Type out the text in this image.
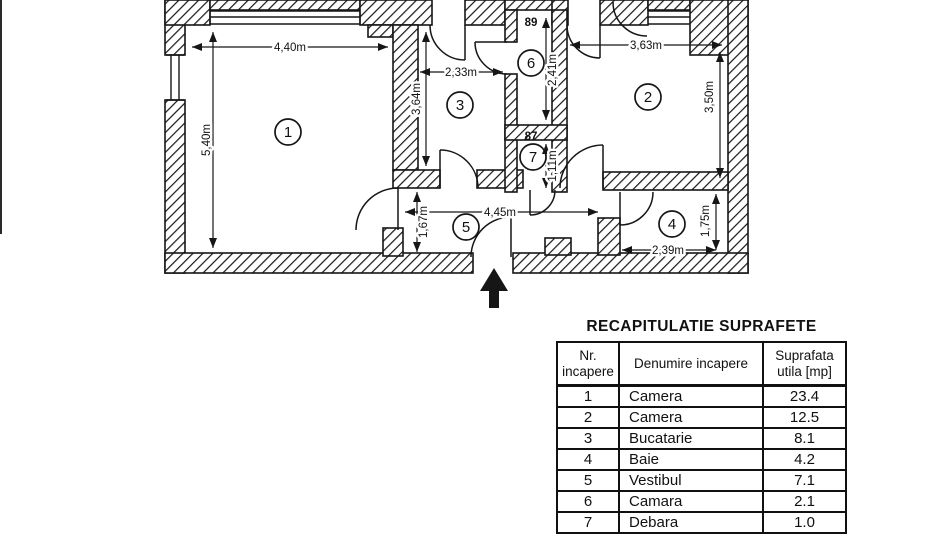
4,40m
5,40m
2,33m
3,64m
3,63m
3,50m
2,41m
1,11m
4,45m
1,67m
2,39m
1,75m
1
2
3
4
5
6
7
89
87
RECAPITULATIE SUPRAFETE
Nr.
incapere	Denumire incapere	Suprafata
utila [mp]
1	Camera	23.4
2	Camera	12.5
3	Bucatarie	8.1
4	Baie	4.2
5	Vestibul	7.1
6	Camara	2.1
7	Debara	1.0
